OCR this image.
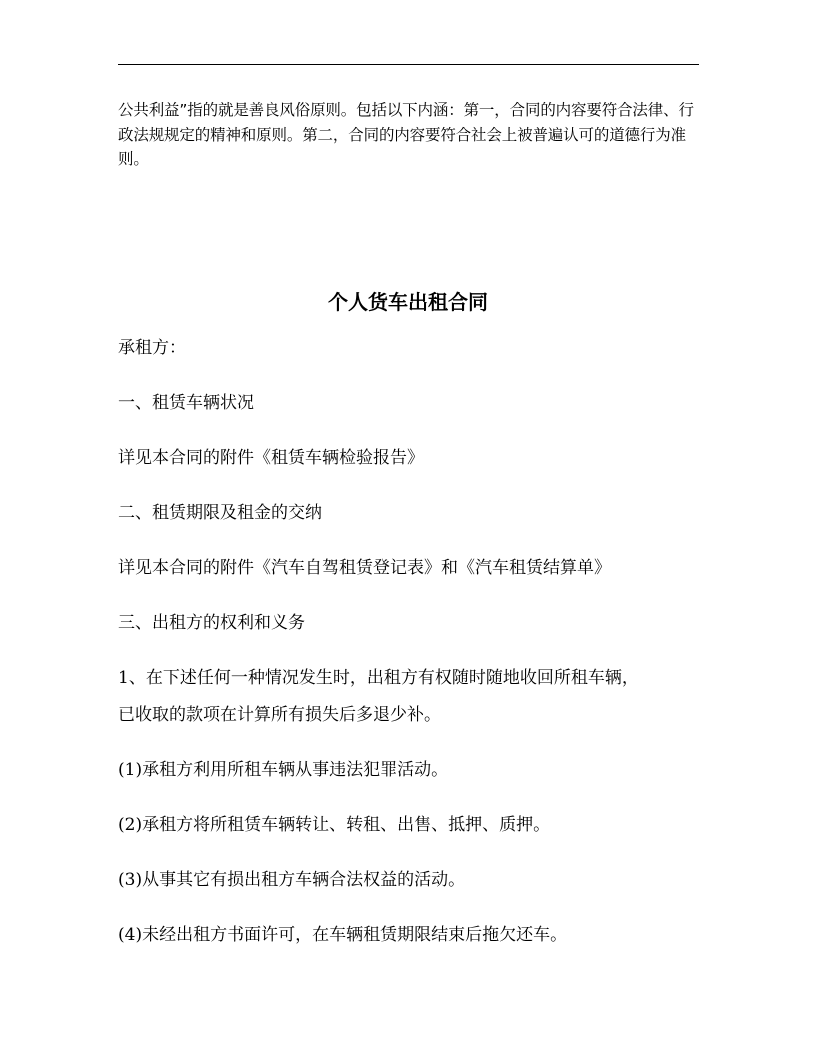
公共利益”指的就是善良风俗原则。包括以下内涵：第一，合同的内容要符合法律、行政法规规定的精神和原则。第二，合同的内容要符合社会上被普遍认可的道德行为准则。

个人货车出租合同

承租方：

一、租赁车辆状况

详见本合同的附件《租赁车辆检验报告》

二、租赁期限及租金的交纳

详见本合同的附件《汽车自驾租赁登记表》和《汽车租赁结算单》

三、出租方的权利和义务

1、在下述任何一种情况发生时，出租方有权随时随地收回所租车辆，

已收取的款项在计算所有损失后多退少补。

(1)承租方利用所租车辆从事违法犯罪活动。

(2)承租方将所租赁车辆转让、转租、出售、抵押、质押。

(3)从事其它有损出租方车辆合法权益的活动。

(4)未经出租方书面许可，在车辆租赁期限结束后拖欠还车。
